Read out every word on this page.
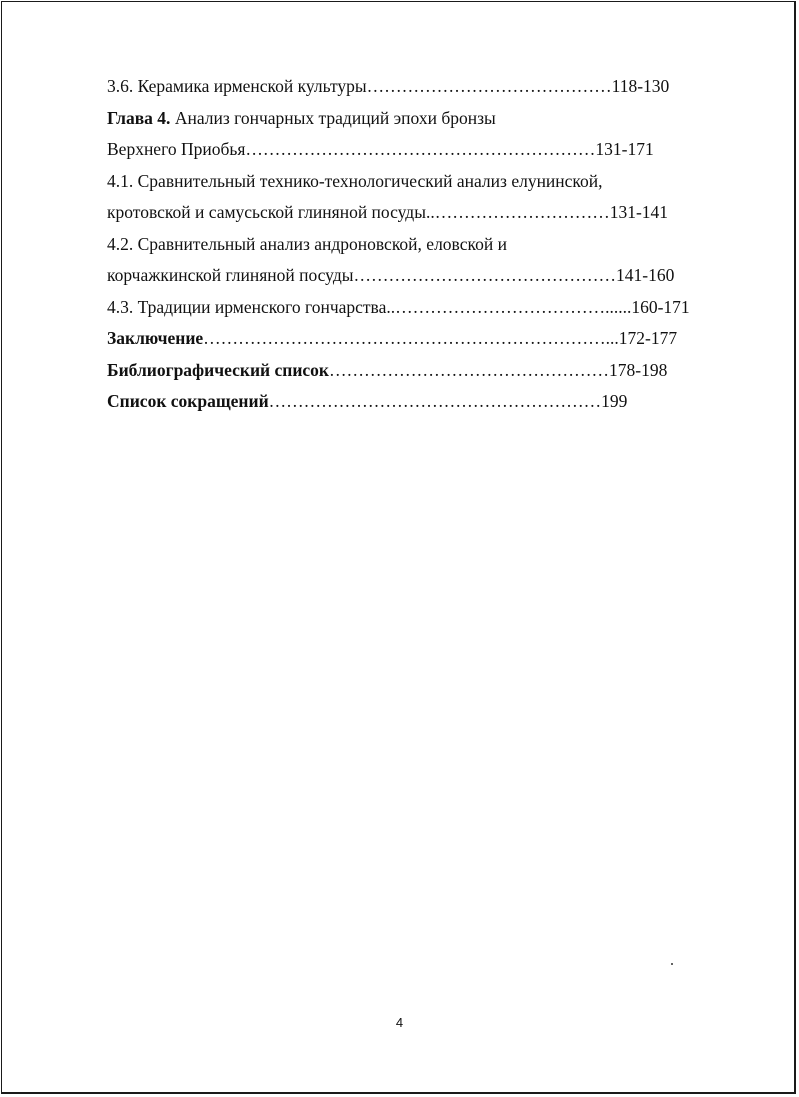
3.6. Керамика ирменской культуры……………………………………118-130
Глава 4. Анализ гончарных традиций эпохи бронзы
Верхнего Приобья……………………………………………………131-171
4.1. Сравнительный технико-технологический анализ елунинской,
кротовской и самусьской глиняной посуды..…………………………131-141
4.2. Сравнительный анализ андроновской, еловской и
корчажкинской глиняной посуды………………………………………141-160
4.3. Традиции ирменского гончарства..………………………………......160-171
Заключение……………………………………………………………...172-177
Библиографический список…………………………………………178-198
Список сокращений…………………………………………………199
4
